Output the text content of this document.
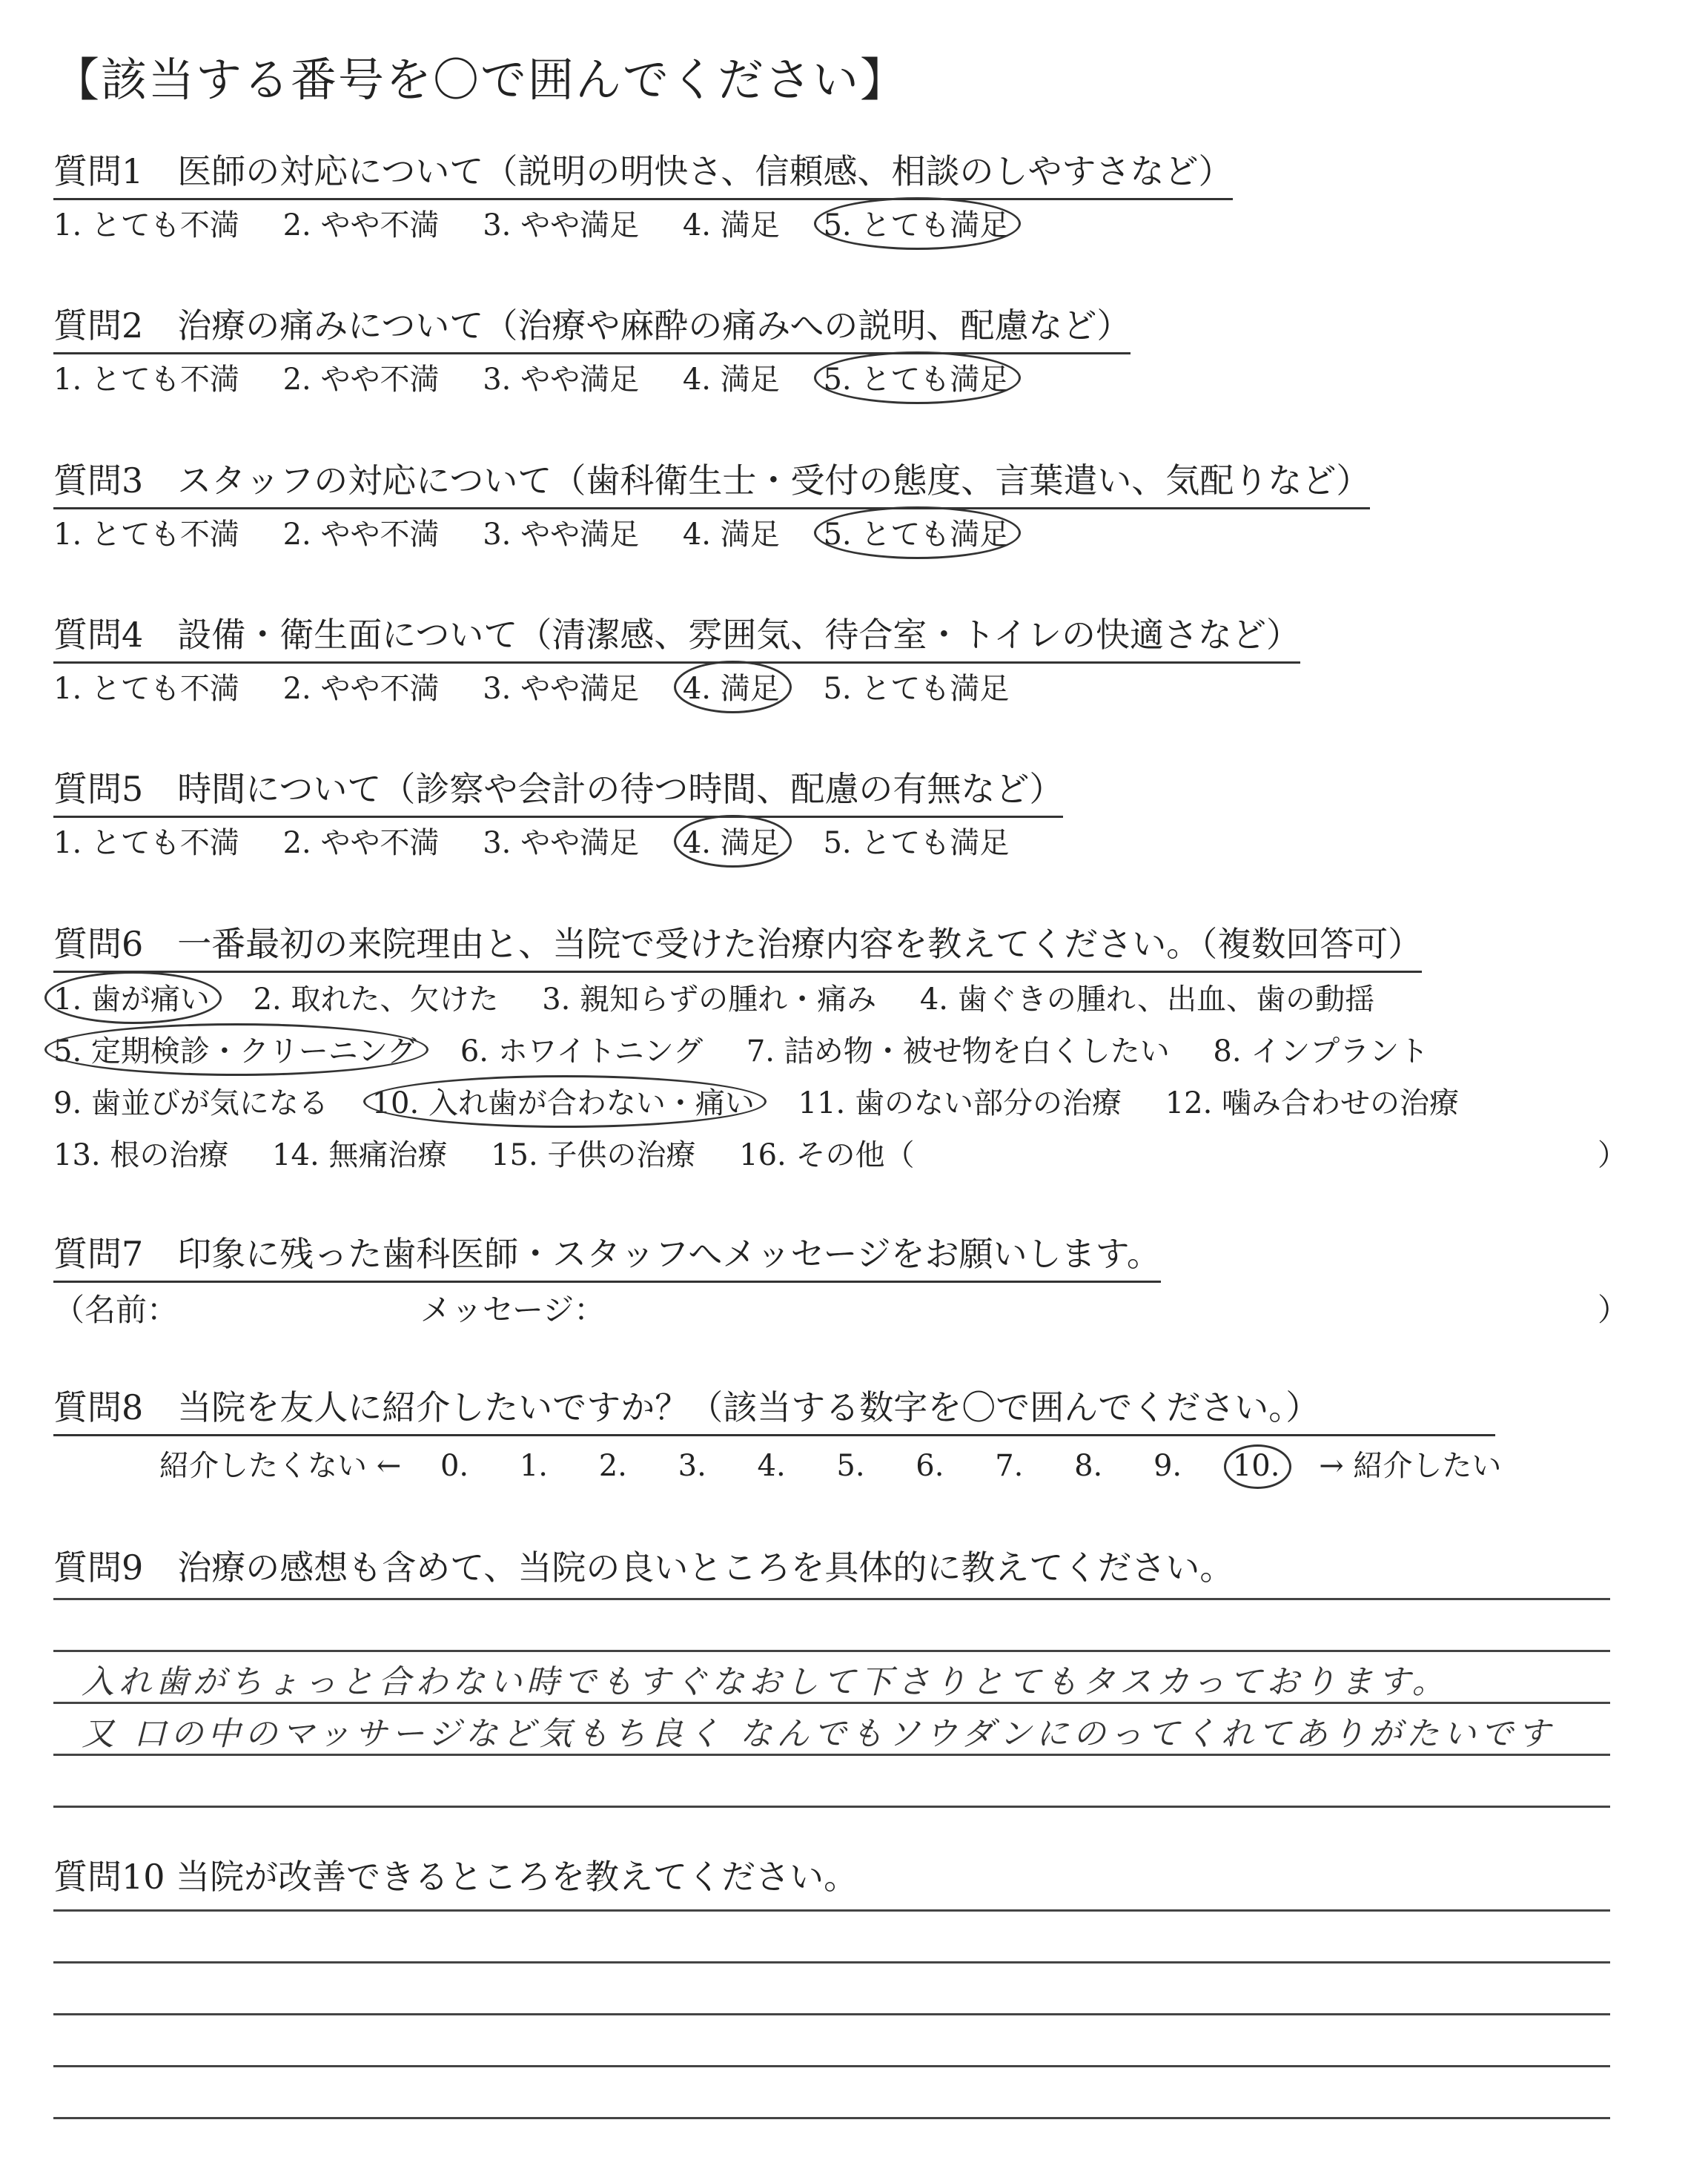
【該当する番号を〇で囲んでください】
質問1　医師の対応について（説明の明快さ、信頼感、相談のしやすさなど）
1. とても不満 2. やや不満 3. やや満足 4. 満足 5. とても満足
質問2　治療の痛みについて（治療や麻酔の痛みへの説明、配慮など）
1. とても不満 2. やや不満 3. やや満足 4. 満足 5. とても満足
質問3　スタッフの対応について（歯科衛生士・受付の態度、言葉遣い、気配りなど）
1. とても不満 2. やや不満 3. やや満足 4. 満足 5. とても満足
質問4　設備・衛生面について（清潔感、雰囲気、待合室・トイレの快適さなど）
1. とても不満 2. やや不満 3. やや満足 4. 満足 5. とても満足
質問5　時間について（診察や会計の待つ時間、配慮の有無など）
1. とても不満 2. やや不満 3. やや満足 4. 満足 5. とても満足
質問6　一番最初の来院理由と、当院で受けた治療内容を教えてください。（複数回答可）
1. 歯が痛い 2. 取れた、欠けた 3. 親知らずの腫れ・痛み 4. 歯ぐきの腫れ、出血、歯の動揺
5. 定期検診・クリーニング 6. ホワイトニング 7. 詰め物・被せ物を白くしたい 8. インプラント
9. 歯並びが気になる 10. 入れ歯が合わない・痛い 11. 歯のない部分の治療 12. 噛み合わせの治療
13. 根の治療 14. 無痛治療 15. 子供の治療 16. その他（	）
質問7　印象に残った歯科医師・スタッフへメッセージをお願いします。
（名前：	メッセージ：	）
質問8　当院を友人に紹介したいですか？（該当する数字を〇で囲んでください。）
紹介したくない ← 0. 1. 2. 3. 4. 5. 6. 7. 8. 9. 10. → 紹介したい
質問9　治療の感想も含めて、当院の良いところを具体的に教えてください。
入れ歯がちょっと合わない時でもすぐなおして下さりとてもタスカっております。
又 口の中のマッサージなど気もち良く なんでもソウダンにのってくれてありがたいです
質問10 当院が改善できるところを教えてください。
